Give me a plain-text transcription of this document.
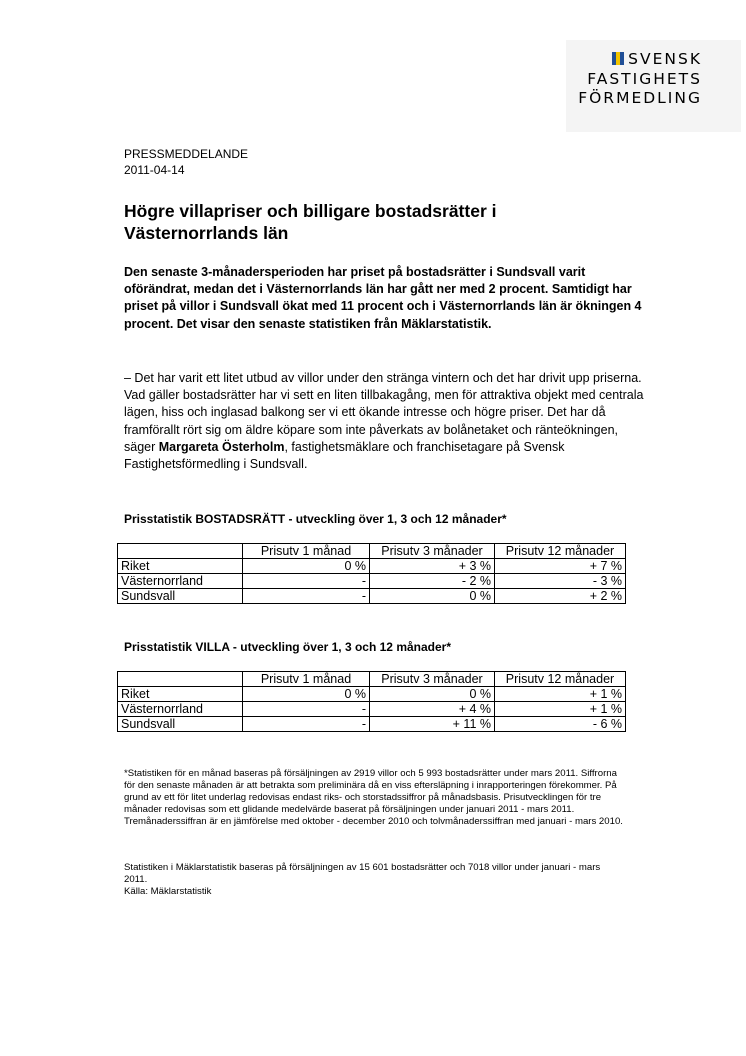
SVENSK
FASTIGHETS
FÖRMEDLING
PRESSMEDDELANDE
2011-04-14
Högre villapriser och billigare bostadsrätter i Västernorrlands län

Den senaste 3-månadersperioden har priset på bostadsrätter i Sundsvall varit oförändrat, medan det i Västernorrlands län har gått ner med 2 procent. Samtidigt har priset på villor i Sundsvall ökat med 11 procent och i Västernorrlands län är ökningen 4 procent. Det visar den senaste statistiken från Mäklarstatistik.

– Det har varit ett litet utbud av villor under den stränga vintern och det har drivit upp priserna. Vad gäller bostadsrätter har vi sett en liten tillbakagång, men för attraktiva objekt med centrala lägen, hiss och inglasad balkong ser vi ett ökande intresse och högre priser. Det har då framförallt rört sig om äldre köpare som inte påverkats av bolånetaket och ränteökningen, säger Margareta Österholm, fastighetsmäklare och franchisetagare på Svensk Fastighetsförmedling i Sundsvall.

Prisstatistik BOSTADSRÄTT - utveckling över 1, 3 och 12 månader*

	Prisutv 1 månad	Prisutv 3 månader	Prisutv 12 månader
Riket	0 %	+ 3 %	+ 7 %
Västernorrland	-	- 2 %	- 3 %
Sundsvall	-	0 %	+ 2 %

Prisstatistik VILLA - utveckling över 1, 3 och 12 månader*

	Prisutv 1 månad	Prisutv 3 månader	Prisutv 12 månader
Riket	0 %	0 %	+ 1 %
Västernorrland	-	+ 4 %	+ 1 %
Sundsvall	-	+ 11 %	- 6 %

*Statistiken för en månad baseras på försäljningen av 2919 villor och 5 993 bostadsrätter under mars 2011. Siffrorna för den senaste månaden är att betrakta som preliminära då en viss eftersläpning i inrapporteringen förekommer. På grund av ett för litet underlag redovisas endast riks- och storstadssiffror på månadsbasis. Prisutvecklingen för tre månader redovisas som ett glidande medelvärde baserat på försäljningen under januari 2011 - mars 2011. Tremånaderssiffran är en jämförelse med oktober - december 2010 och tolvmånaderssiffran med januari - mars 2010.

Statistiken i Mäklarstatistik baseras på försäljningen av 15 601 bostadsrätter och 7018 villor under januari - mars 2011.

Källa: Mäklarstatistik
